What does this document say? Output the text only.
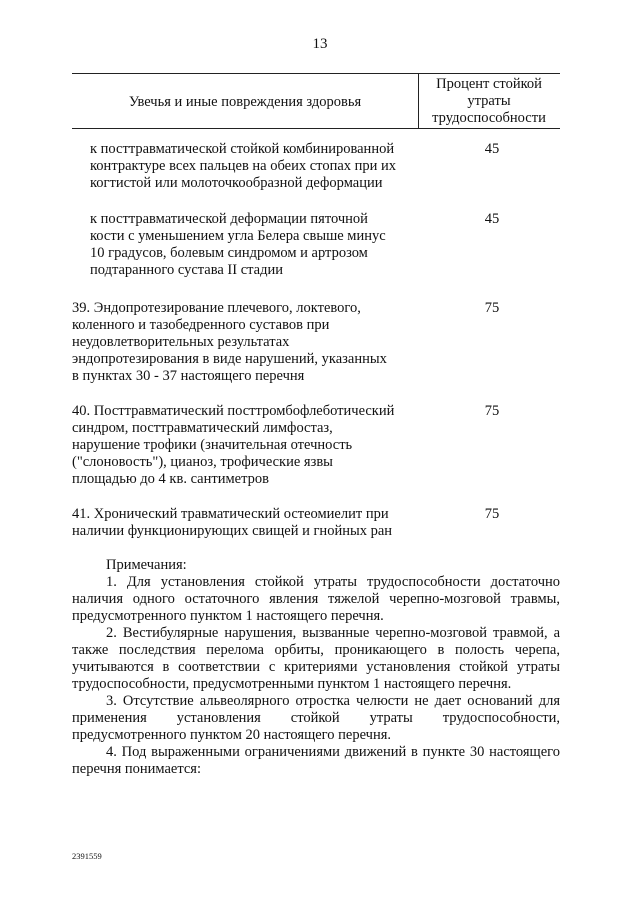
13
Увечья и иные повреждения здоровья
Процент стойкой
утраты
трудоспособности
к посттравматической стойкой комбинированной
контрактуре всех пальцев на обеих стопах при их
когтистой или молоточкообразной деформации
45
к посттравматической деформации пяточной
кости с уменьшением угла Белера свыше минус
10 градусов, болевым синдромом и артрозом
подтаранного сустава II стадии
45
39. Эндопротезирование плечевого, локтевого,
коленного и тазобедренного суставов при
неудовлетворительных результатах
эндопротезирования в виде нарушений, указанных
в пунктах 30 - 37 настоящего перечня
75
40. Посттравматический посттромбофлеботический
синдром, посттравматический лимфостаз,
нарушение трофики (значительная отечность
("слоновость"), цианоз, трофические язвы
площадью до 4 кв. сантиметров
75
41. Хронический травматический остеомиелит при
наличии функционирующих свищей и гнойных ран
75

Примечания:

1. Для установления стойкой утраты трудоспособности достаточно наличия одного остаточного явления тяжелой черепно-мозговой травмы, предусмотренного пунктом 1 настоящего перечня.

2. Вестибулярные нарушения, вызванные черепно-мозговой травмой, а также последствия перелома орбиты, проникающего в полость черепа, учитываются в соответствии с критериями установления стойкой утраты трудоспособности, предусмотренными пунктом 1 настоящего перечня.

3. Отсутствие альвеолярного отростка челюсти не дает оснований для применения установления стойкой утраты трудоспособности, предусмотренного пунктом 20 настоящего перечня.

4. Под выраженными ограничениями движений в пункте 30 настоящего перечня понимается:

2391559
